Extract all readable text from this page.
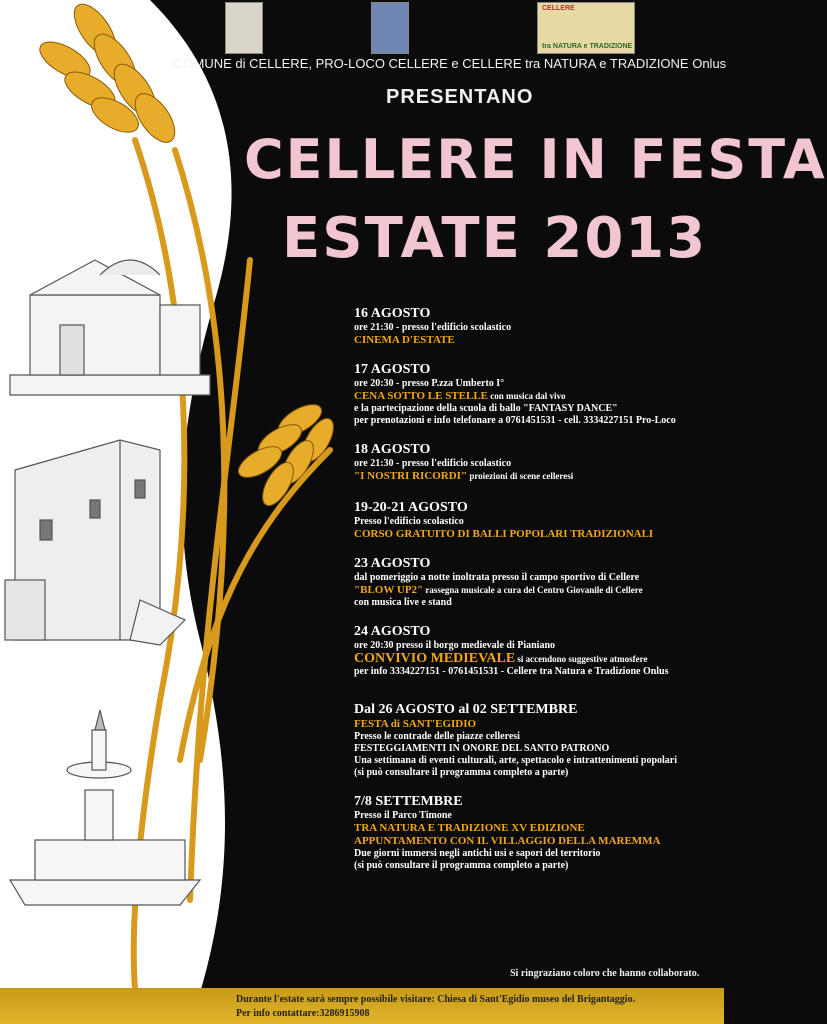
CELLERE
tra NATURA e TRADIZIONE
COMUNE di CELLERE, PRO-LOCO CELLERE e CELLERE tra NATURA e TRADIZIONE Onlus
PRESENTANO
CELLERE IN FESTA
ESTATE 2013
16 AGOSTO
ore 21:30 - presso l'edificio scolastico
CINEMA D'ESTATE
17 AGOSTO
ore 20:30 - presso P.zza Umberto I°
CENA SOTTO LE STELLE con musica dal vivo
e la partecipazione della scuola di ballo "FANTASY DANCE"
per prenotazioni e info telefonare a 0761451531 - cell. 3334227151 Pro-Loco
18 AGOSTO
ore 21:30 - presso l'edificio scolastico
"I NOSTRI RICORDI" proiezioni di scene celleresi
19-20-21 AGOSTO
Presso l'edificio scolastico
CORSO GRATUITO DI BALLI POPOLARI TRADIZIONALI
23 AGOSTO
dal pomeriggio a notte inoltrata presso il campo sportivo di Cellere
"BLOW UP2" rassegna musicale a cura del Centro Giovanile di Cellere
con musica live e stand
24 AGOSTO
ore 20:30 presso il borgo medievale di Pianiano
CONVIVIO MEDIEVALE si accendono suggestive atmosfere
per info 3334227151 - 0761451531 - Cellere tra Natura e Tradizione Onlus
Dal 26 AGOSTO al 02 SETTEMBRE
FESTA di SANT'EGIDIO
Presso le contrade delle piazze celleresi
FESTEGGIAMENTI IN ONORE DEL SANTO PATRONO
Una settimana di eventi culturali, arte, spettacolo e intrattenimenti popolari
(si può consultare il programma completo a parte)
7/8 SETTEMBRE
Presso il Parco Timone
TRA NATURA E TRADIZIONE XV EDIZIONE
APPUNTAMENTO CON IL VILLAGGIO DELLA MAREMMA
Due giorni immersi negli antichi usi e sapori del territorio
(si può consultare il programma completo a parte)
Si ringraziano coloro che hanno collaborato.
Durante l'estate sarà sempre possibile visitare: Chiesa di Sant'Egidio museo del Brigantaggio.
Per info contattare:3286915908
